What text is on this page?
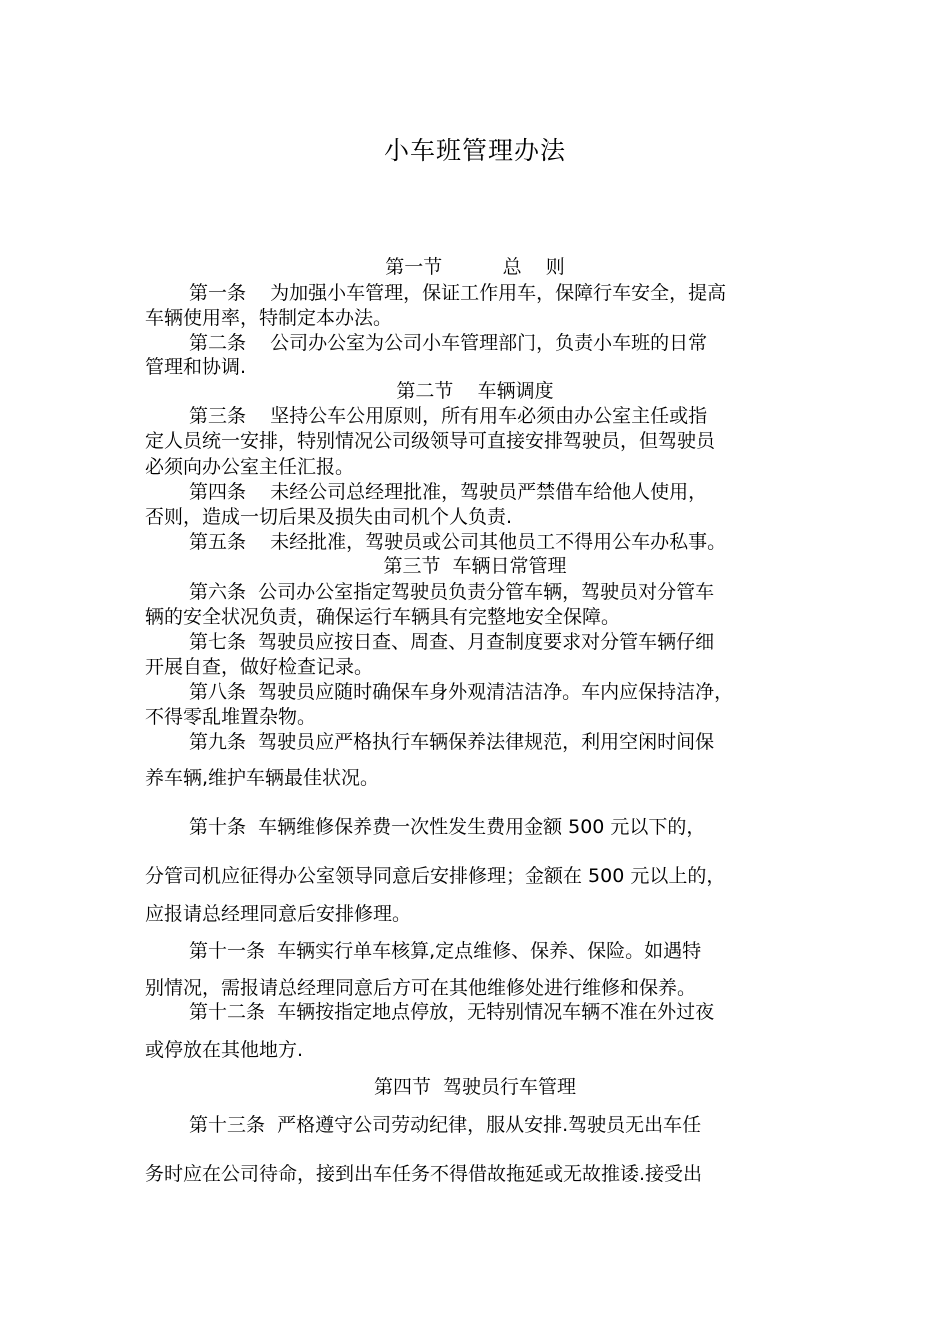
小车班管理办法
第一节          总    则
第一条    为加强小车管理，保证工作用车，保障行车安全，提高
车辆使用率，特制定本办法。
第二条    公司办公室为公司小车管理部门，负责小车班的日常
管理和协调.
第二节    车辆调度
第三条    坚持公车公用原则，所有用车必须由办公室主任或指
定人员统一安排，特别情况公司级领导可直接安排驾驶员，但驾驶员
必须向办公室主任汇报。
第四条    未经公司总经理批准，驾驶员严禁借车给他人使用，
否则，造成一切后果及损失由司机个人负责.
第五条    未经批准，驾驶员或公司其他员工不得用公车办私事。
第三节  车辆日常管理
第六条  公司办公室指定驾驶员负责分管车辆，驾驶员对分管车
辆的安全状况负责，确保运行车辆具有完整地安全保障。
第七条  驾驶员应按日查、周查、月查制度要求对分管车辆仔细
开展自查，做好检查记录。
第八条  驾驶员应随时确保车身外观清洁洁净。车内应保持洁净，
不得零乱堆置杂物。
第九条  驾驶员应严格执行车辆保养法律规范，利用空闲时间保
养车辆,维护车辆最佳状况。
第十条  车辆维修保养费一次性发生费用金额 500 元以下的，
分管司机应征得办公室领导同意后安排修理；金额在 500 元以上的，
应报请总经理同意后安排修理。
第十一条  车辆实行单车核算,定点维修、保养、保险。如遇特
别情况，需报请总经理同意后方可在其他维修处进行维修和保养。
第十二条  车辆按指定地点停放，无特别情况车辆不准在外过夜
或停放在其他地方.
第四节  驾驶员行车管理
第十三条  严格遵守公司劳动纪律，服从安排.驾驶员无出车任
务时应在公司待命，接到出车任务不得借故拖延或无故推诿.接受出
